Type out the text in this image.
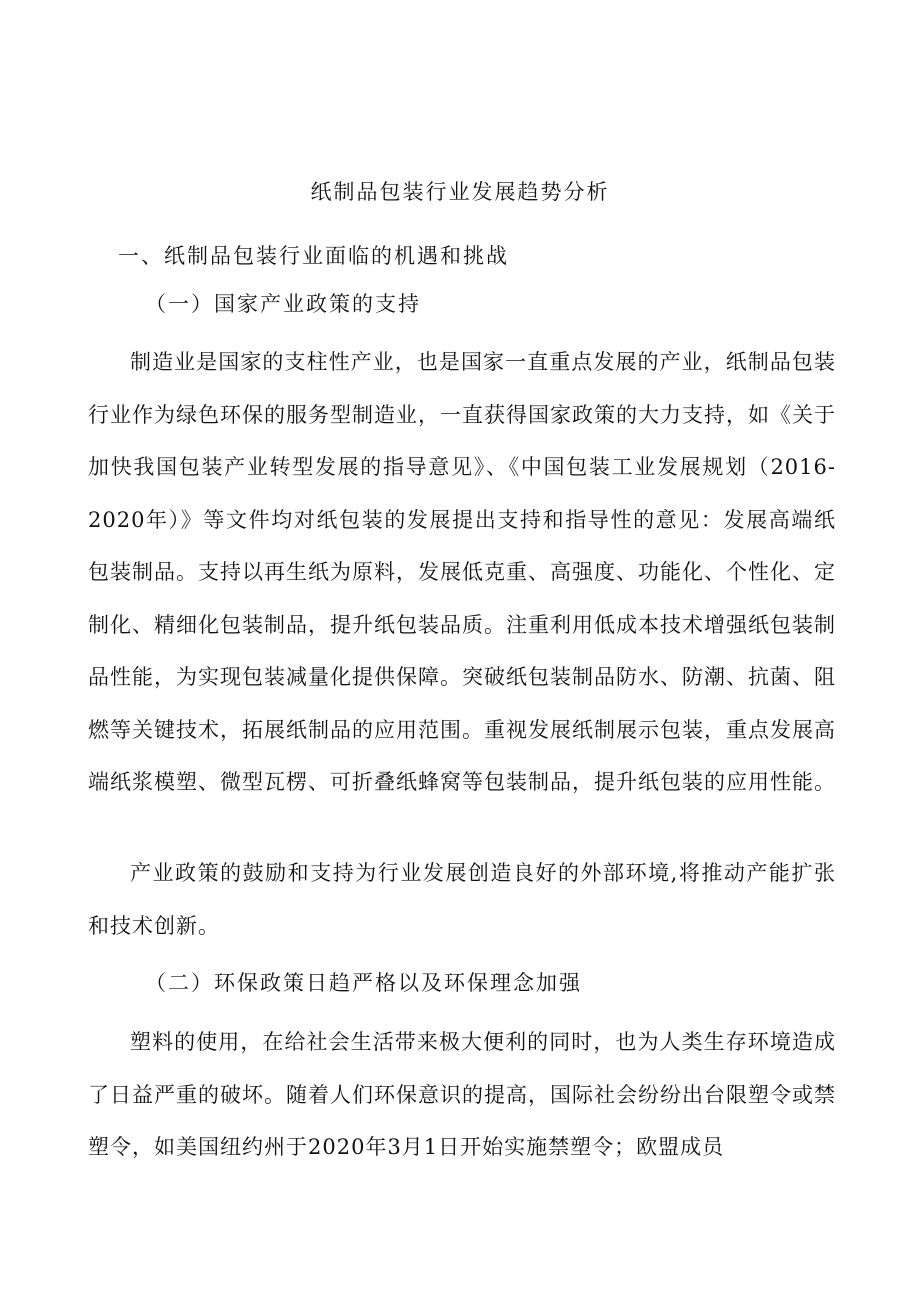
纸制品包装行业发展趋势分析
一、纸制品包装行业面临的机遇和挑战
（一）国家产业政策的支持
制造业是国家的支柱性产业，也是国家一直重点发展的产业，纸制品包装行业作为绿色环保的服务型制造业，一直获得国家政策的大力支持，如《关于加快我国包装产业转型发展的指导意见》、《中国包装工业发展规划（2016-2020年）》等文件均对纸包装的发展提出支持和指导性的意见：发展高端纸包装制品。支持以再生纸为原料，发展低克重、高强度、功能化、个性化、定制化、精细化包装制品，提升纸包装品质。注重利用低成本技术增强纸包装制品性能，为实现包装减量化提供保障。突破纸包装制品防水、防潮、抗菌、阻燃等关键技术，拓展纸制品的应用范围。重视发展纸制展示包装，重点发展高端纸浆模塑、微型瓦楞、可折叠纸蜂窝等包装制品，提升纸包装的应用性能。
产业政策的鼓励和支持为行业发展创造良好的外部环境,将推动产能扩张和技术创新。
（二）环保政策日趋严格以及环保理念加强
塑料的使用，在给社会生活带来极大便利的同时，也为人类生存环境造成了日益严重的破坏。随着人们环保意识的提高，国际社会纷纷出台限塑令或禁塑令，如美国纽约州于2020年3月1日开始实施禁塑令；欧盟成员
